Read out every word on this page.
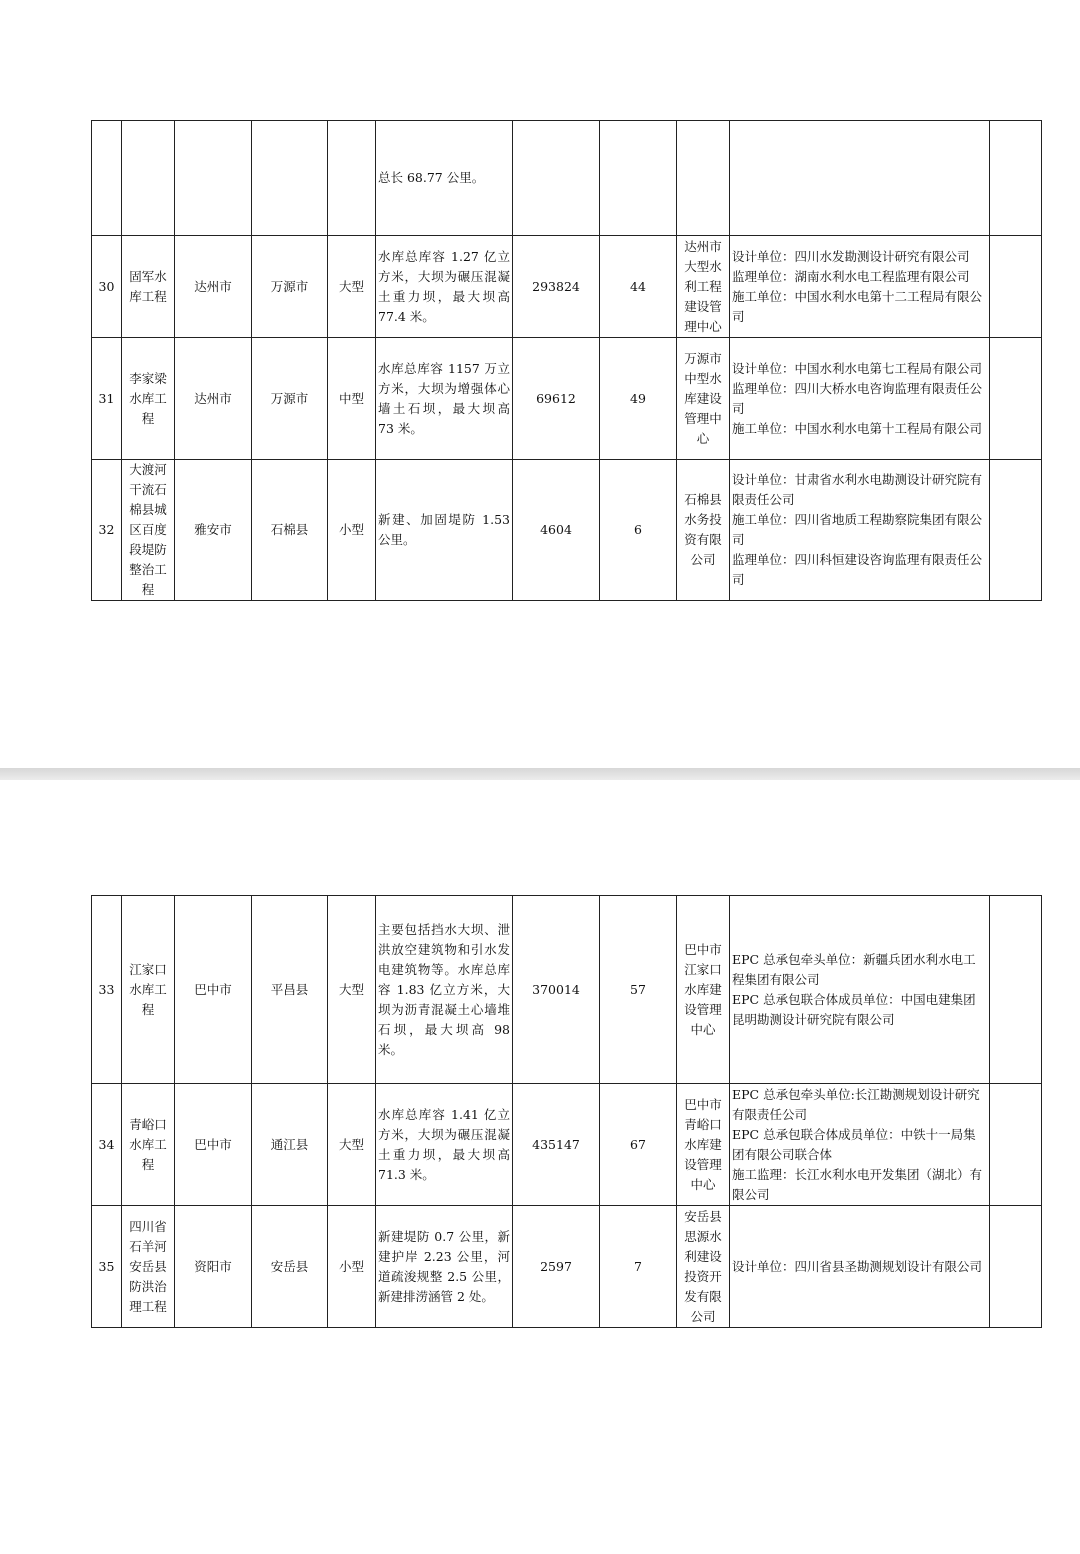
					总长 68.77 公里。					
30	固军水库工程	达州市	万源市	大型	水库总库容 1.27 亿立方米，大坝为碾压混凝土重力坝，最大坝高 77.4 米。	293824	44	达州市大型水利工程建设管理中心	设计单位：四川水发勘测设计研究有限公司
监理单位：湖南水利水电工程监理有限公司
施工单位：中国水利水电第十二工程局有限公司	

31	李家梁水库工程	达州市	万源市	中型	水库总库容 1157 万立方米，大坝为增强体心墙土石坝，最大坝高 73 米。	69612	49	万源市中型水库建设管理中心	设计单位：中国水利水电第七工程局有限公司
监理单位：四川大桥水电咨询监理有限责任公司
施工单位：中国水利水电第十工程局有限公司	

32	大渡河干流石棉县城区百度段堤防整治工程	雅安市	石棉县	小型	新建、加固堤防 1.53 公里。	4604	6	石棉县水务投资有限公司	设计单位：甘肃省水利水电勘测设计研究院有限责任公司
施工单位：四川省地质工程勘察院集团有限公司
监理单位：四川科恒建设咨询监理有限责任公司	

33	江家口水库工程	巴中市	平昌县	大型	主要包括挡水大坝、泄洪放空建筑物和引水发电建筑物等。水库总库容 1.83 亿立方米，大坝为沥青混凝土心墙堆石坝，最大坝高 98 米。	370014	57	巴中市江家口水库建设管理中心	EPC 总承包牵头单位：新疆兵团水利水电工程集团有限公司
EPC 总承包联合体成员单位：中国电建集团昆明勘测设计研究院有限公司	

34	青峪口水库工程	巴中市	通江县	大型	水库总库容 1.41 亿立方米，大坝为碾压混凝土重力坝，最大坝高 71.3 米。	435147	67	巴中市青峪口水库建设管理中心	EPC 总承包牵头单位:长江勘测规划设计研究有限责任公司
EPC 总承包联合体成员单位：中铁十一局集团有限公司联合体
施工监理：长江水利水电开发集团（湖北）有限公司	

35	四川省石羊河安岳县防洪治理工程	资阳市	安岳县	小型	新建堤防 0.7 公里，新建护岸 2.23 公里，河道疏浚规整 2.5 公里，新建排涝涵管 2 处。	2597	7	安岳县思源水利建设投资开发有限公司	设计单位：四川省县圣勘测规划设计有限公司	
